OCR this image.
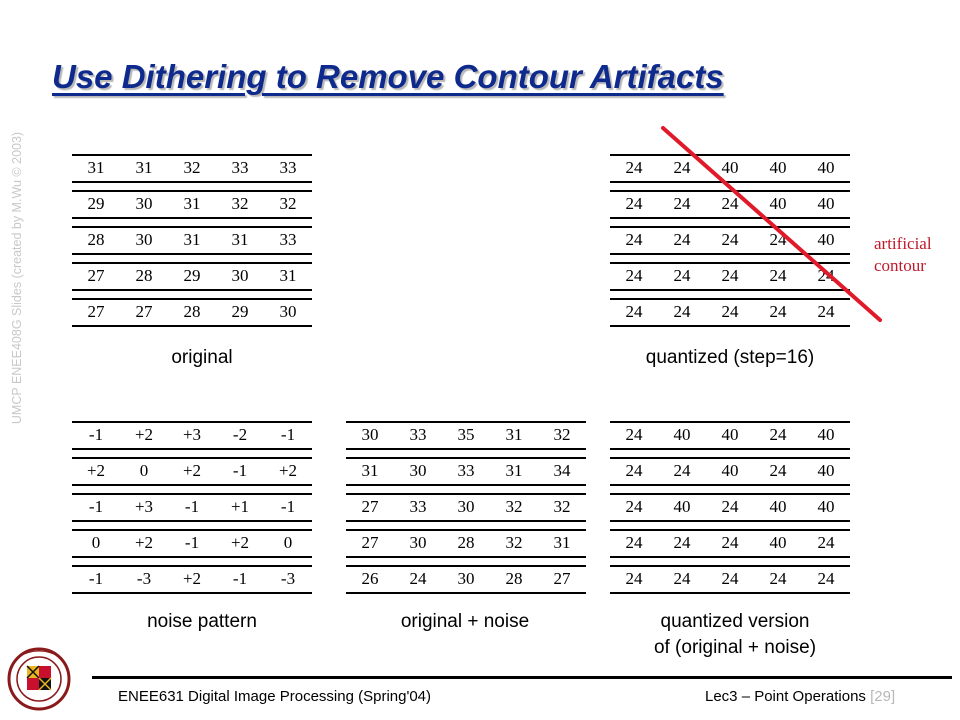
Use Dithering to Remove Contour Artifacts
UMCP ENEE408G Slides (created by M.Wu © 2003)	31	31	32	33	33
29	30	31	32	32
28	30	31	31	33
27	28	29	30	31
27	27	28	29	30
original
24	24	40	40	40
24	24	24	40	40
24	24	24	24	40
24	24	24	24	24
24	24	24	24	24
quantized (step=16)
-1	+2	+3	-2	-1
+2	0	+2	-1	+2
-1	+3	-1	+1	-1
0	+2	-1	+2	0
-1	-3	+2	-1	-3
noise pattern
30	33	35	31	32
31	30	33	31	34
27	33	30	32	32
27	30	28	32	31
26	24	30	28	27
original + noise
24	40	40	24	40
24	24	40	24	40
24	40	24	40	40
24	24	24	40	24
24	24	24	24	24
quantized version
of (original + noise)
artificial
contour
ENEE631 Digital Image Processing (Spring'04)	Lec3 – Point Operations [29]
